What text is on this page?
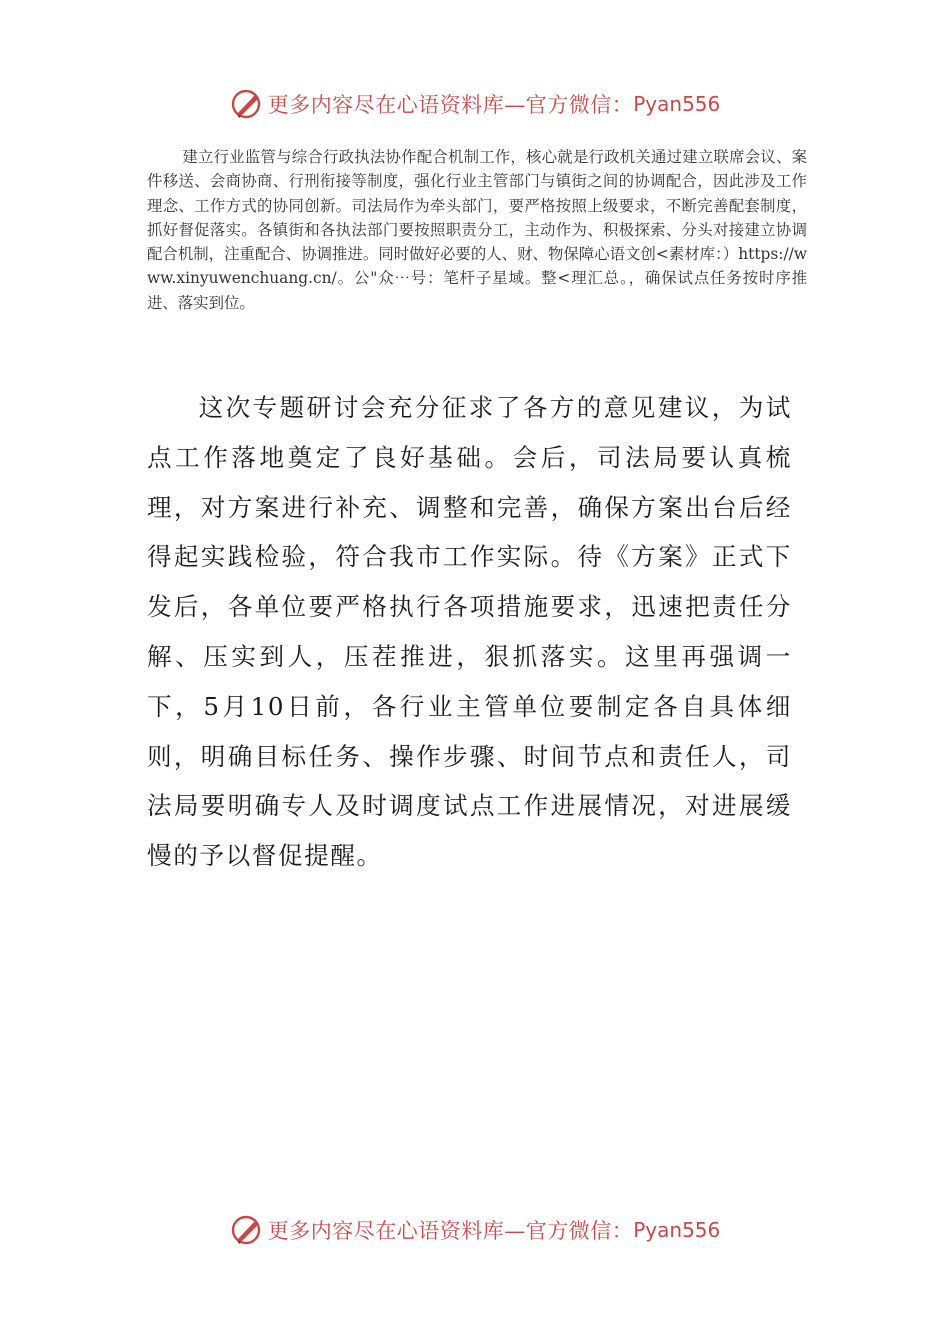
更多内容尽在心语资料库—官方微信： Pyan556

建立行业监管与综合行政执法协作配合机制工作，核心就是行政机关通过建立联席会议、案件移送、会商协商、行刑衔接等制度，强化行业主管部门与镇街之间的协调配合，因此涉及工作理念、工作方式的协同创新。司法局作为牵头部门，要严格按照上级要求，不断完善配套制度，抓好督促落实。各镇街和各执法部门要按照职责分工，主动作为、积极探索、分头对接建立协调配合机制，注重配合、协调推进。同时做好必要的人、财、物保障心语文创<素材库：）https://www.xinyuwenchuang.cn/。公"众⋯号：笔杆子星域。整<理汇总。，确保试点任务按时序推进、落实到位。

这次专题研讨会充分征求了各方的意见建议，为试点工作落地奠定了良好基础。会后，司法局要认真梳理，对方案进行补充、调整和完善，确保方案出台后经得起实践检验，符合我市工作实际。待《方案》正式下发后，各单位要严格执行各项措施要求，迅速把责任分解、压实到人，压茬推进，狠抓落实。这里再强调一下，5月10日前，各行业主管单位要制定各自具体细则，明确目标任务、操作步骤、时间节点和责任人，司法局要明确专人及时调度试点工作进展情况，对进展缓慢的予以督促提醒。

更多内容尽在心语资料库—官方微信： Pyan556
